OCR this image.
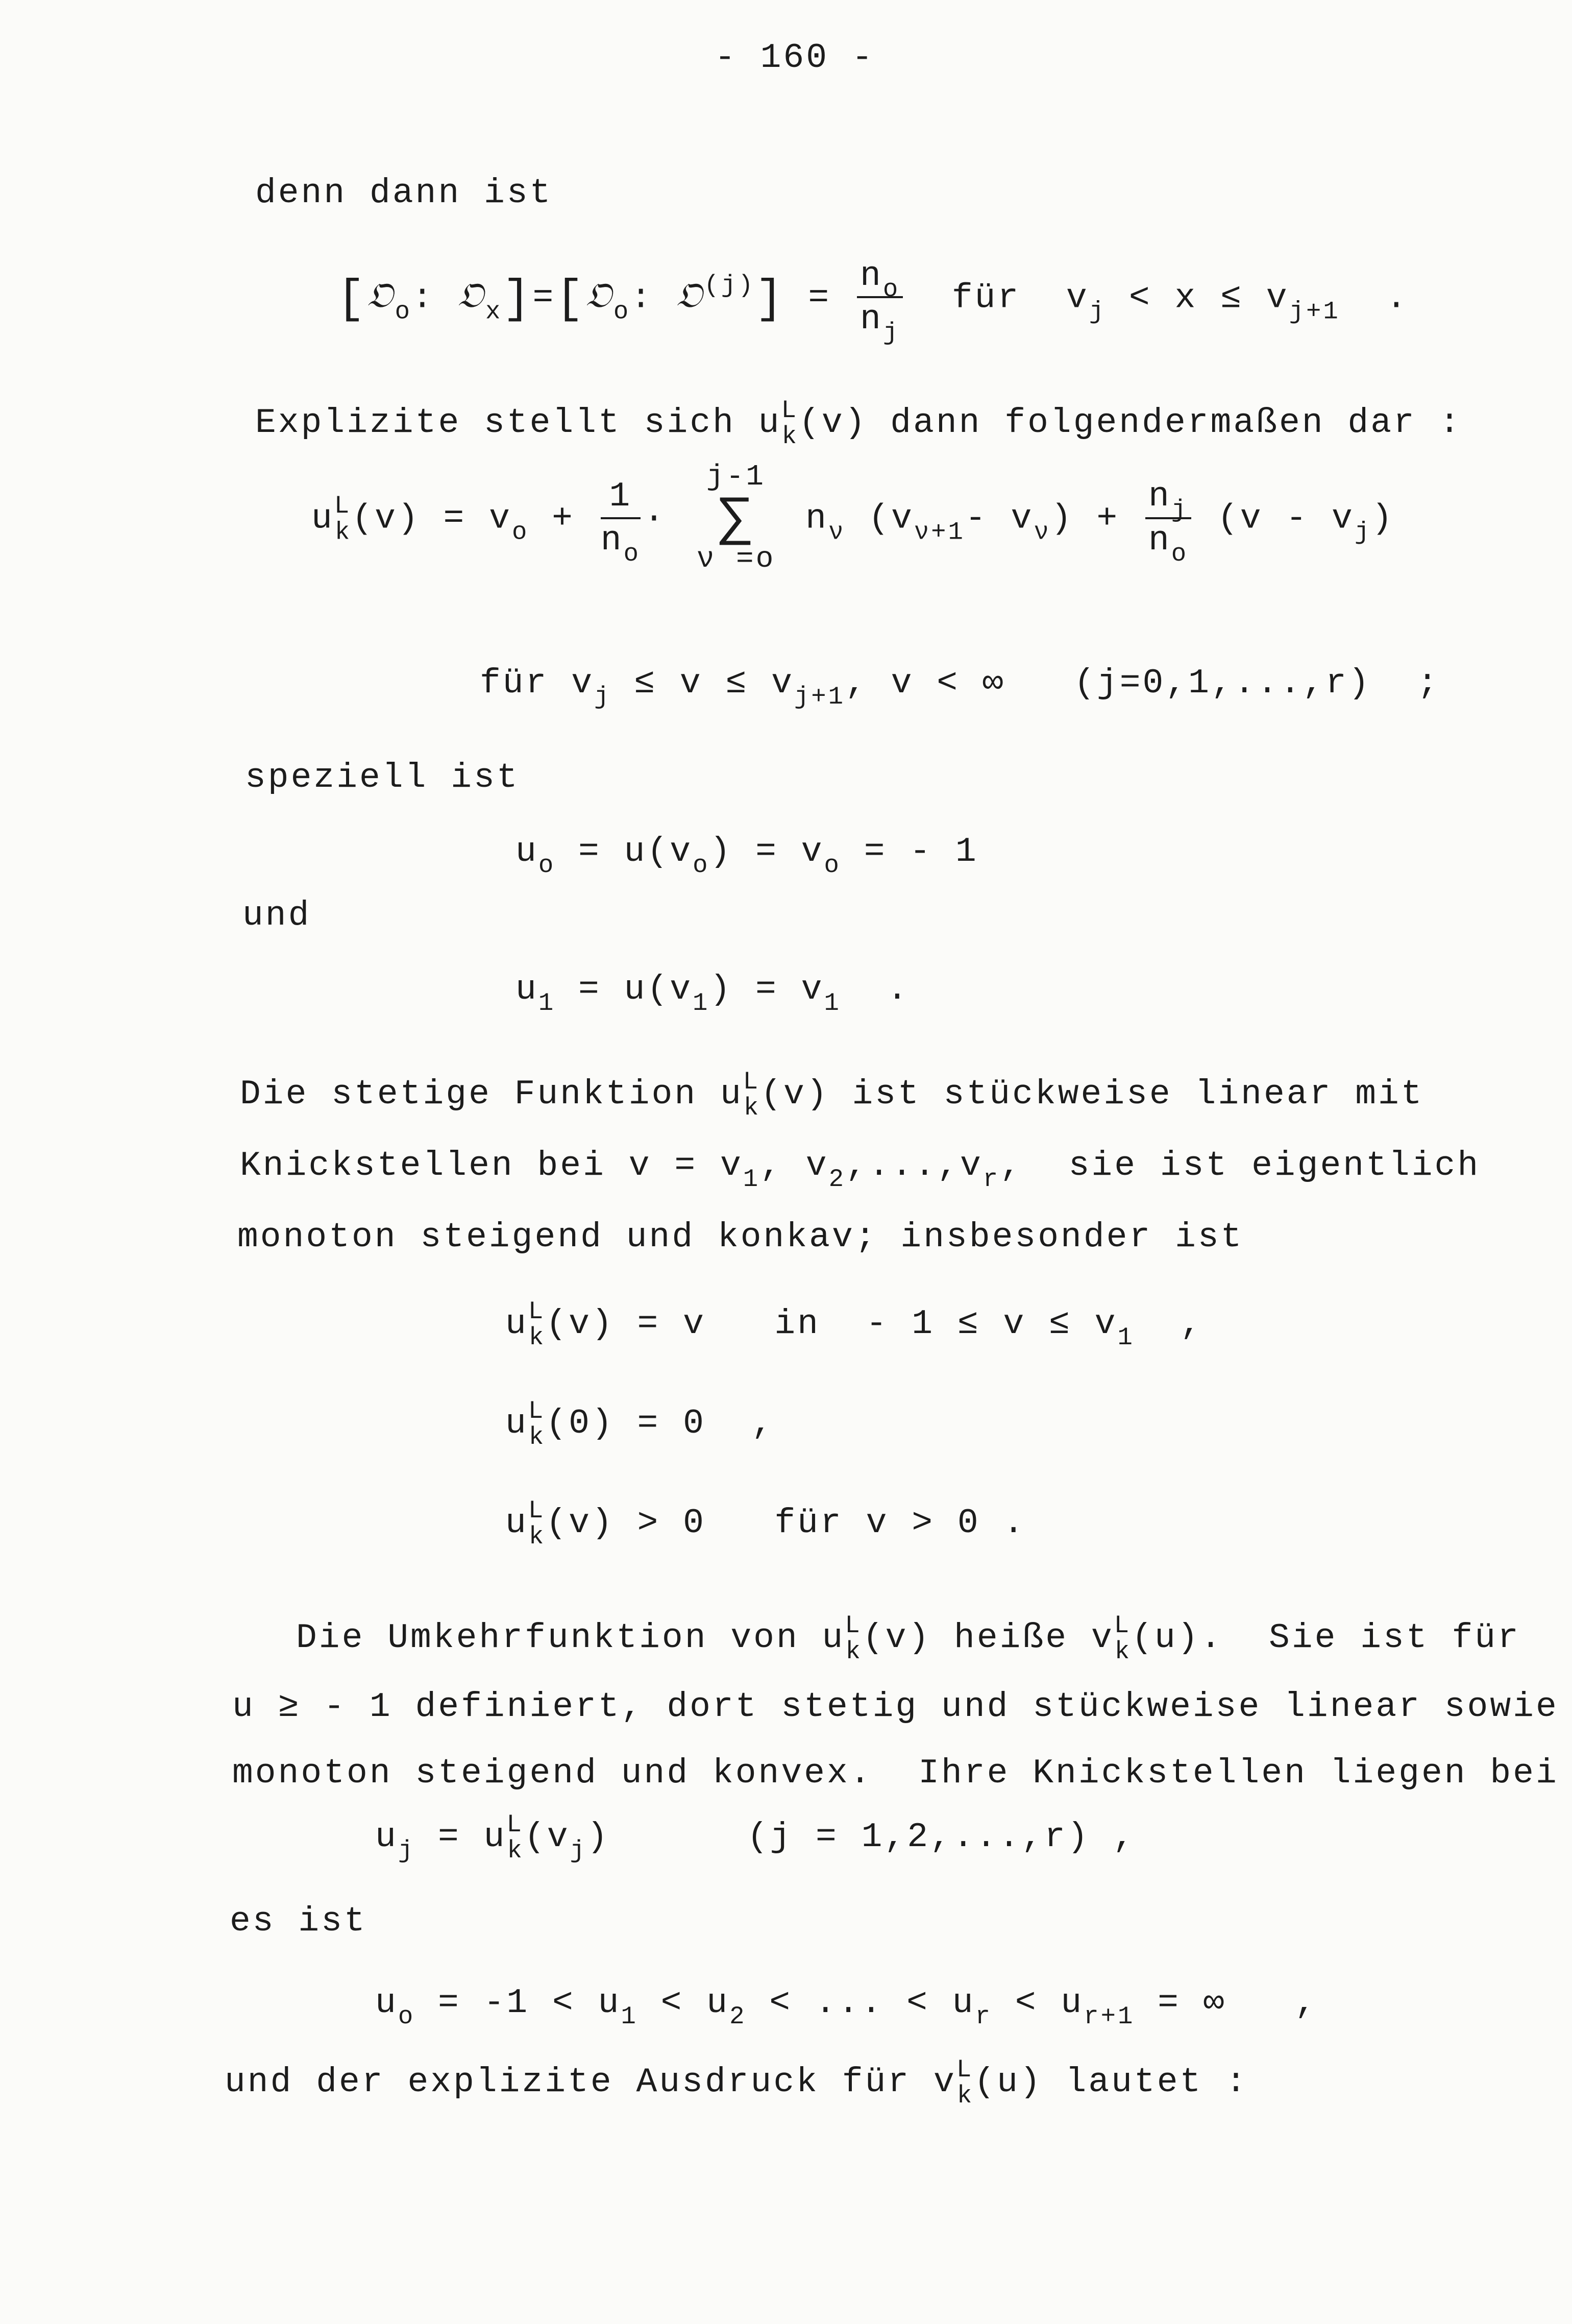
- 160 -
denn dann ist
[𝔒$_o$: 𝔒$_x$]=[𝔒$_o$: 𝔒$^{(j)}$] = $\frac{n_o}{n_j}$ für $v_j < x \le v_{j+1}$  .
Explizite stellt sich $u^L_k(v)$ dann folgendermaßen dar :
$u^L_k(v) = v_o + \frac{1}{n_o}$ ·
j-1
∑
ν =o
$n_\nu$ ($v_{\nu+1}-$ $v_\nu) + \frac{n_j}{n_o} (v - v_j)$
für $v_j \le v \le v_{j+1}$, v < ∞   (j=0,1,...,r)  ;
speziell ist
$u_o = u(v_o) = v_o$ = - 1
und
$u_1 = u(v_1) = v_1$  .
Die stetige Funktion $u^L_k(v)$ ist stückweise linear mit
Knickstellen bei $v = v_1$, $v_2,...,v_r$,  sie ist eigentlich
monoton steigend und konkav; insbesonder ist
$u^L_k(v) = v$   in  - $1 \le v \le v_1$  ,
$u^L_k(0) = 0$  ,
$u^L_k(v) > 0$   für v > 0 .
Die Umkehrfunktion von $u^L_k(v)$ heiße $v^L_k(u)$.  Sie ist für
u ≥ - 1 definiert, dort stetig und stückweise linear sowie
monoton steigend und konvex.  Ihre Knickstellen liegen bei
$u_j = u^L_k(v_j)$      (j = 1,2,...,r) ,
es ist
$u_o = -1 < u_1 < u_2$ < ... < $u_r < u_{r+1}$ = ∞   ,
und der explizite Ausdruck für $v^L_k(u)$ lautet :
